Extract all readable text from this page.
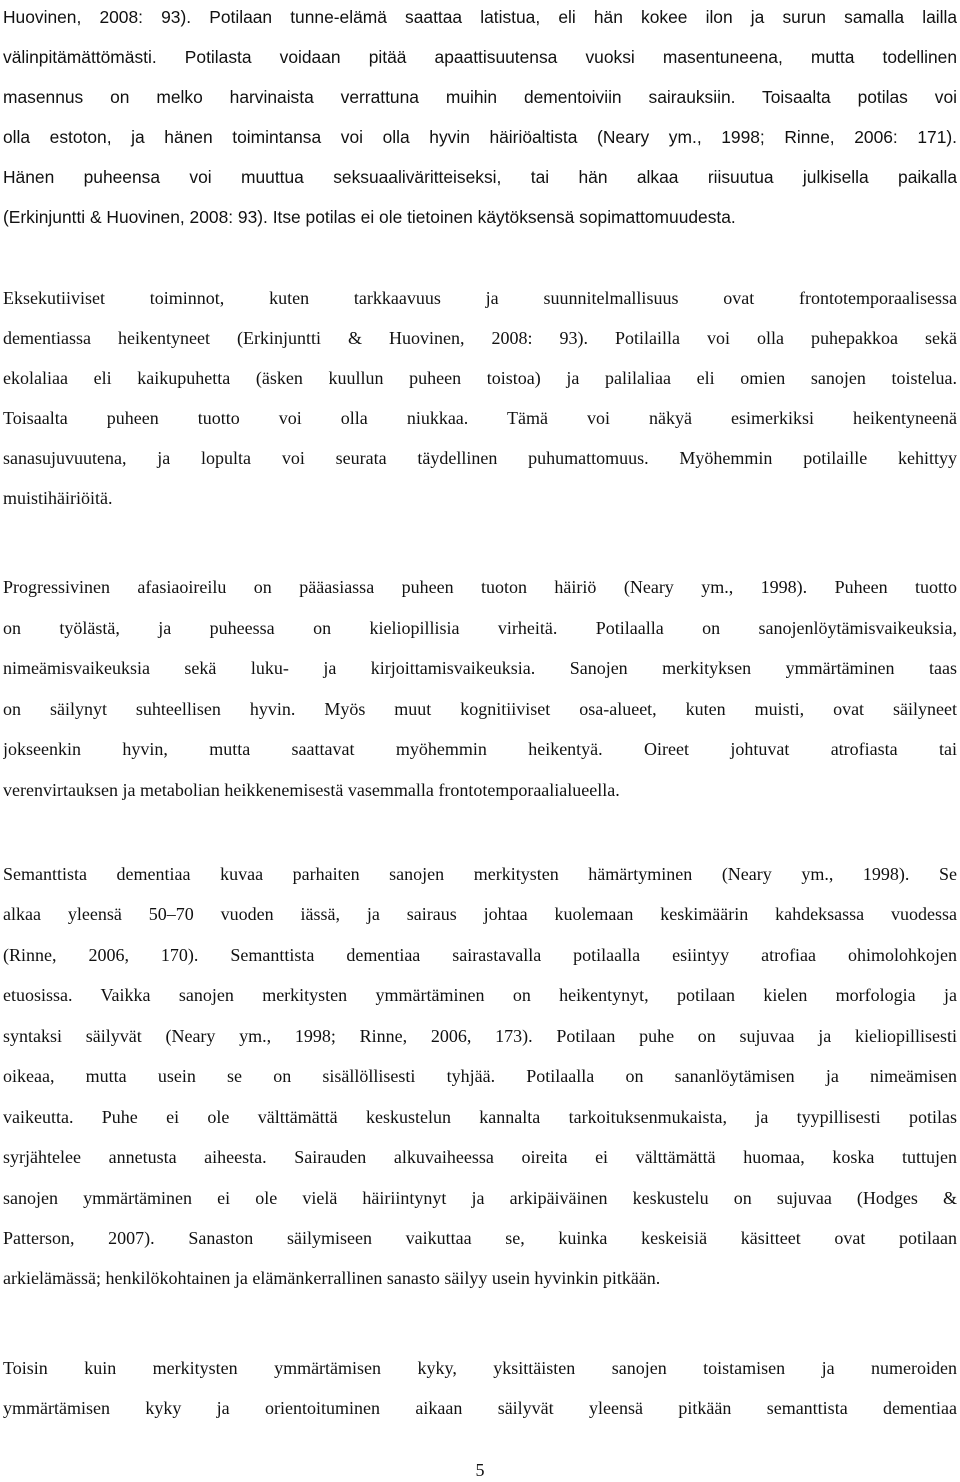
Huovinen, 2008: 93). Potilaan tunne-elämä saattaa latistua, eli hän kokee ilon ja surun samalla lailla
välinpitämättömästi. Potilasta voidaan pitää apaattisuutensa vuoksi masentuneena, mutta todellinen
masennus on melko harvinaista verrattuna muihin dementoiviin sairauksiin. Toisaalta potilas voi
olla estoton, ja hänen toimintansa voi olla hyvin häiriöaltista (Neary ym., 1998; Rinne, 2006: 171).
Hänen puheensa voi muuttua seksuaaliväritteiseksi, tai hän alkaa riisuutua julkisella paikalla
(Erkinjuntti & Huovinen, 2008: 93). Itse potilas ei ole tietoinen käytöksensä sopimattomuudesta.
Eksekutiiviset toiminnot, kuten tarkkaavuus ja suunnitelmallisuus ovat frontotemporaalisessa
dementiassa heikentyneet (Erkinjuntti & Huovinen, 2008: 93). Potilailla voi olla puhepakkoa sekä
ekolaliaa eli kaikupuhetta (äsken kuullun puheen toistoa) ja palilaliaa eli omien sanojen toistelua.
Toisaalta puheen tuotto voi olla niukkaa. Tämä voi näkyä esimerkiksi heikentyneenä
sanasujuvuutena, ja lopulta voi seurata täydellinen puhumattomuus. Myöhemmin potilaille kehittyy
muistihäiriöitä.
Progressivinen afasiaoireilu on pääasiassa puheen tuoton häiriö (Neary ym., 1998). Puheen tuotto
on työlästä, ja puheessa on kieliopillisia virheitä. Potilaalla on sanojenlöytämisvaikeuksia,
nimeämisvaikeuksia sekä luku- ja kirjoittamisvaikeuksia. Sanojen merkityksen ymmärtäminen taas
on säilynyt suhteellisen hyvin. Myös muut kognitiiviset osa-alueet, kuten muisti, ovat säilyneet
jokseenkin hyvin, mutta saattavat myöhemmin heikentyä. Oireet johtuvat atrofiasta tai
verenvirtauksen ja metabolian heikkenemisestä vasemmalla frontotemporaalialueella.
Semanttista dementiaa kuvaa parhaiten sanojen merkitysten hämärtyminen (Neary ym., 1998). Se
alkaa yleensä 50–70 vuoden iässä, ja sairaus johtaa kuolemaan keskimäärin kahdeksassa vuodessa
(Rinne, 2006, 170). Semanttista dementiaa sairastavalla potilaalla esiintyy atrofiaa ohimolohkojen
etuosissa. Vaikka sanojen merkitysten ymmärtäminen on heikentynyt, potilaan kielen morfologia ja
syntaksi säilyvät (Neary ym., 1998; Rinne, 2006, 173). Potilaan puhe on sujuvaa ja kieliopillisesti
oikeaa, mutta usein se on sisällöllisesti tyhjää. Potilaalla on sananlöytämisen ja nimeämisen
vaikeutta. Puhe ei ole välttämättä keskustelun kannalta tarkoituksenmukaista, ja tyypillisesti potilas
syrjähtelee annetusta aiheesta. Sairauden alkuvaiheessa oireita ei välttämättä huomaa, koska tuttujen
sanojen ymmärtäminen ei ole vielä häiriintynyt ja arkipäiväinen keskustelu on sujuvaa (Hodges &
Patterson, 2007). Sanaston säilymiseen vaikuttaa se, kuinka keskeisiä käsitteet ovat potilaan
arkielämässä; henkilökohtainen ja elämänkerrallinen sanasto säilyy usein hyvinkin pitkään.
Toisin kuin merkitysten ymmärtämisen kyky, yksittäisten sanojen toistamisen ja numeroiden
ymmärtämisen kyky ja orientoituminen aikaan säilyvät yleensä pitkään semanttista dementiaa
5
